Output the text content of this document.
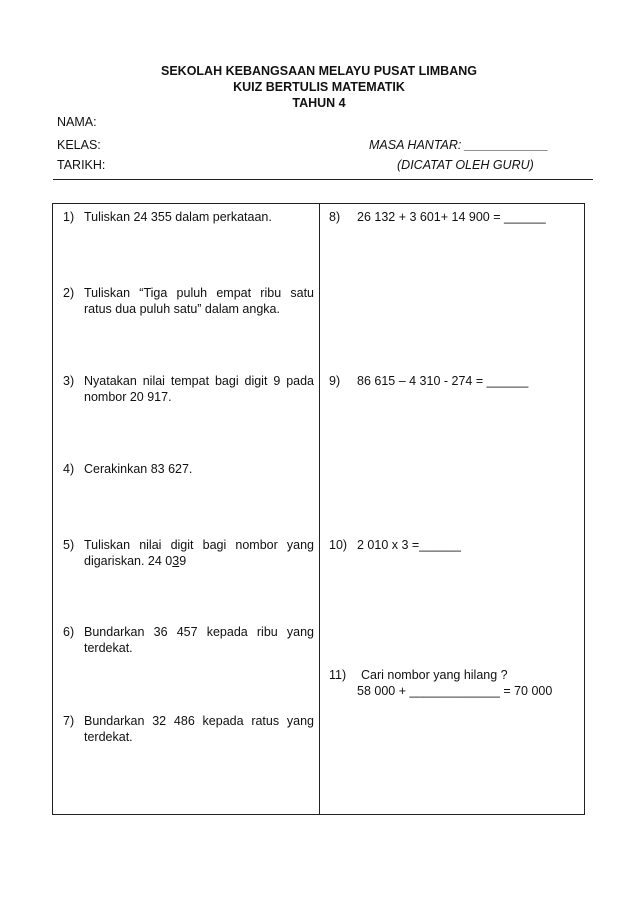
SEKOLAH KEBANGSAAN MELAYU PUSAT LIMBANG
KUIZ BERTULIS MATEMATIK
TAHUN 4
NAMA:
KELAS:	MASA HANTAR: ____________
TARIKH:	(DICATAT OLEH GURU)
1) Tuliskan 24 355 dalam perkataan.
2) Tuliskan “Tiga puluh empat ribu satu ratus dua puluh satu” dalam angka.
3) Nyatakan nilai tempat bagi digit 9 pada nombor 20 917.
4) Cerakinkan 83 627.
5) Tuliskan nilai digit bagi nombor yang digariskan. 24 039
6) Bundarkan 36 457 kepada ribu yang terdekat.
7) Bundarkan 32 486 kepada ratus yang terdekat.
8) 26 132 + 3 601+ 14 900 = ______
9) 86 615 – 4 310 - 274 = ______
10) 2 010 x 3 =______
11) Cari nombor yang hilang ?
58 000 + _____________ = 70 000
